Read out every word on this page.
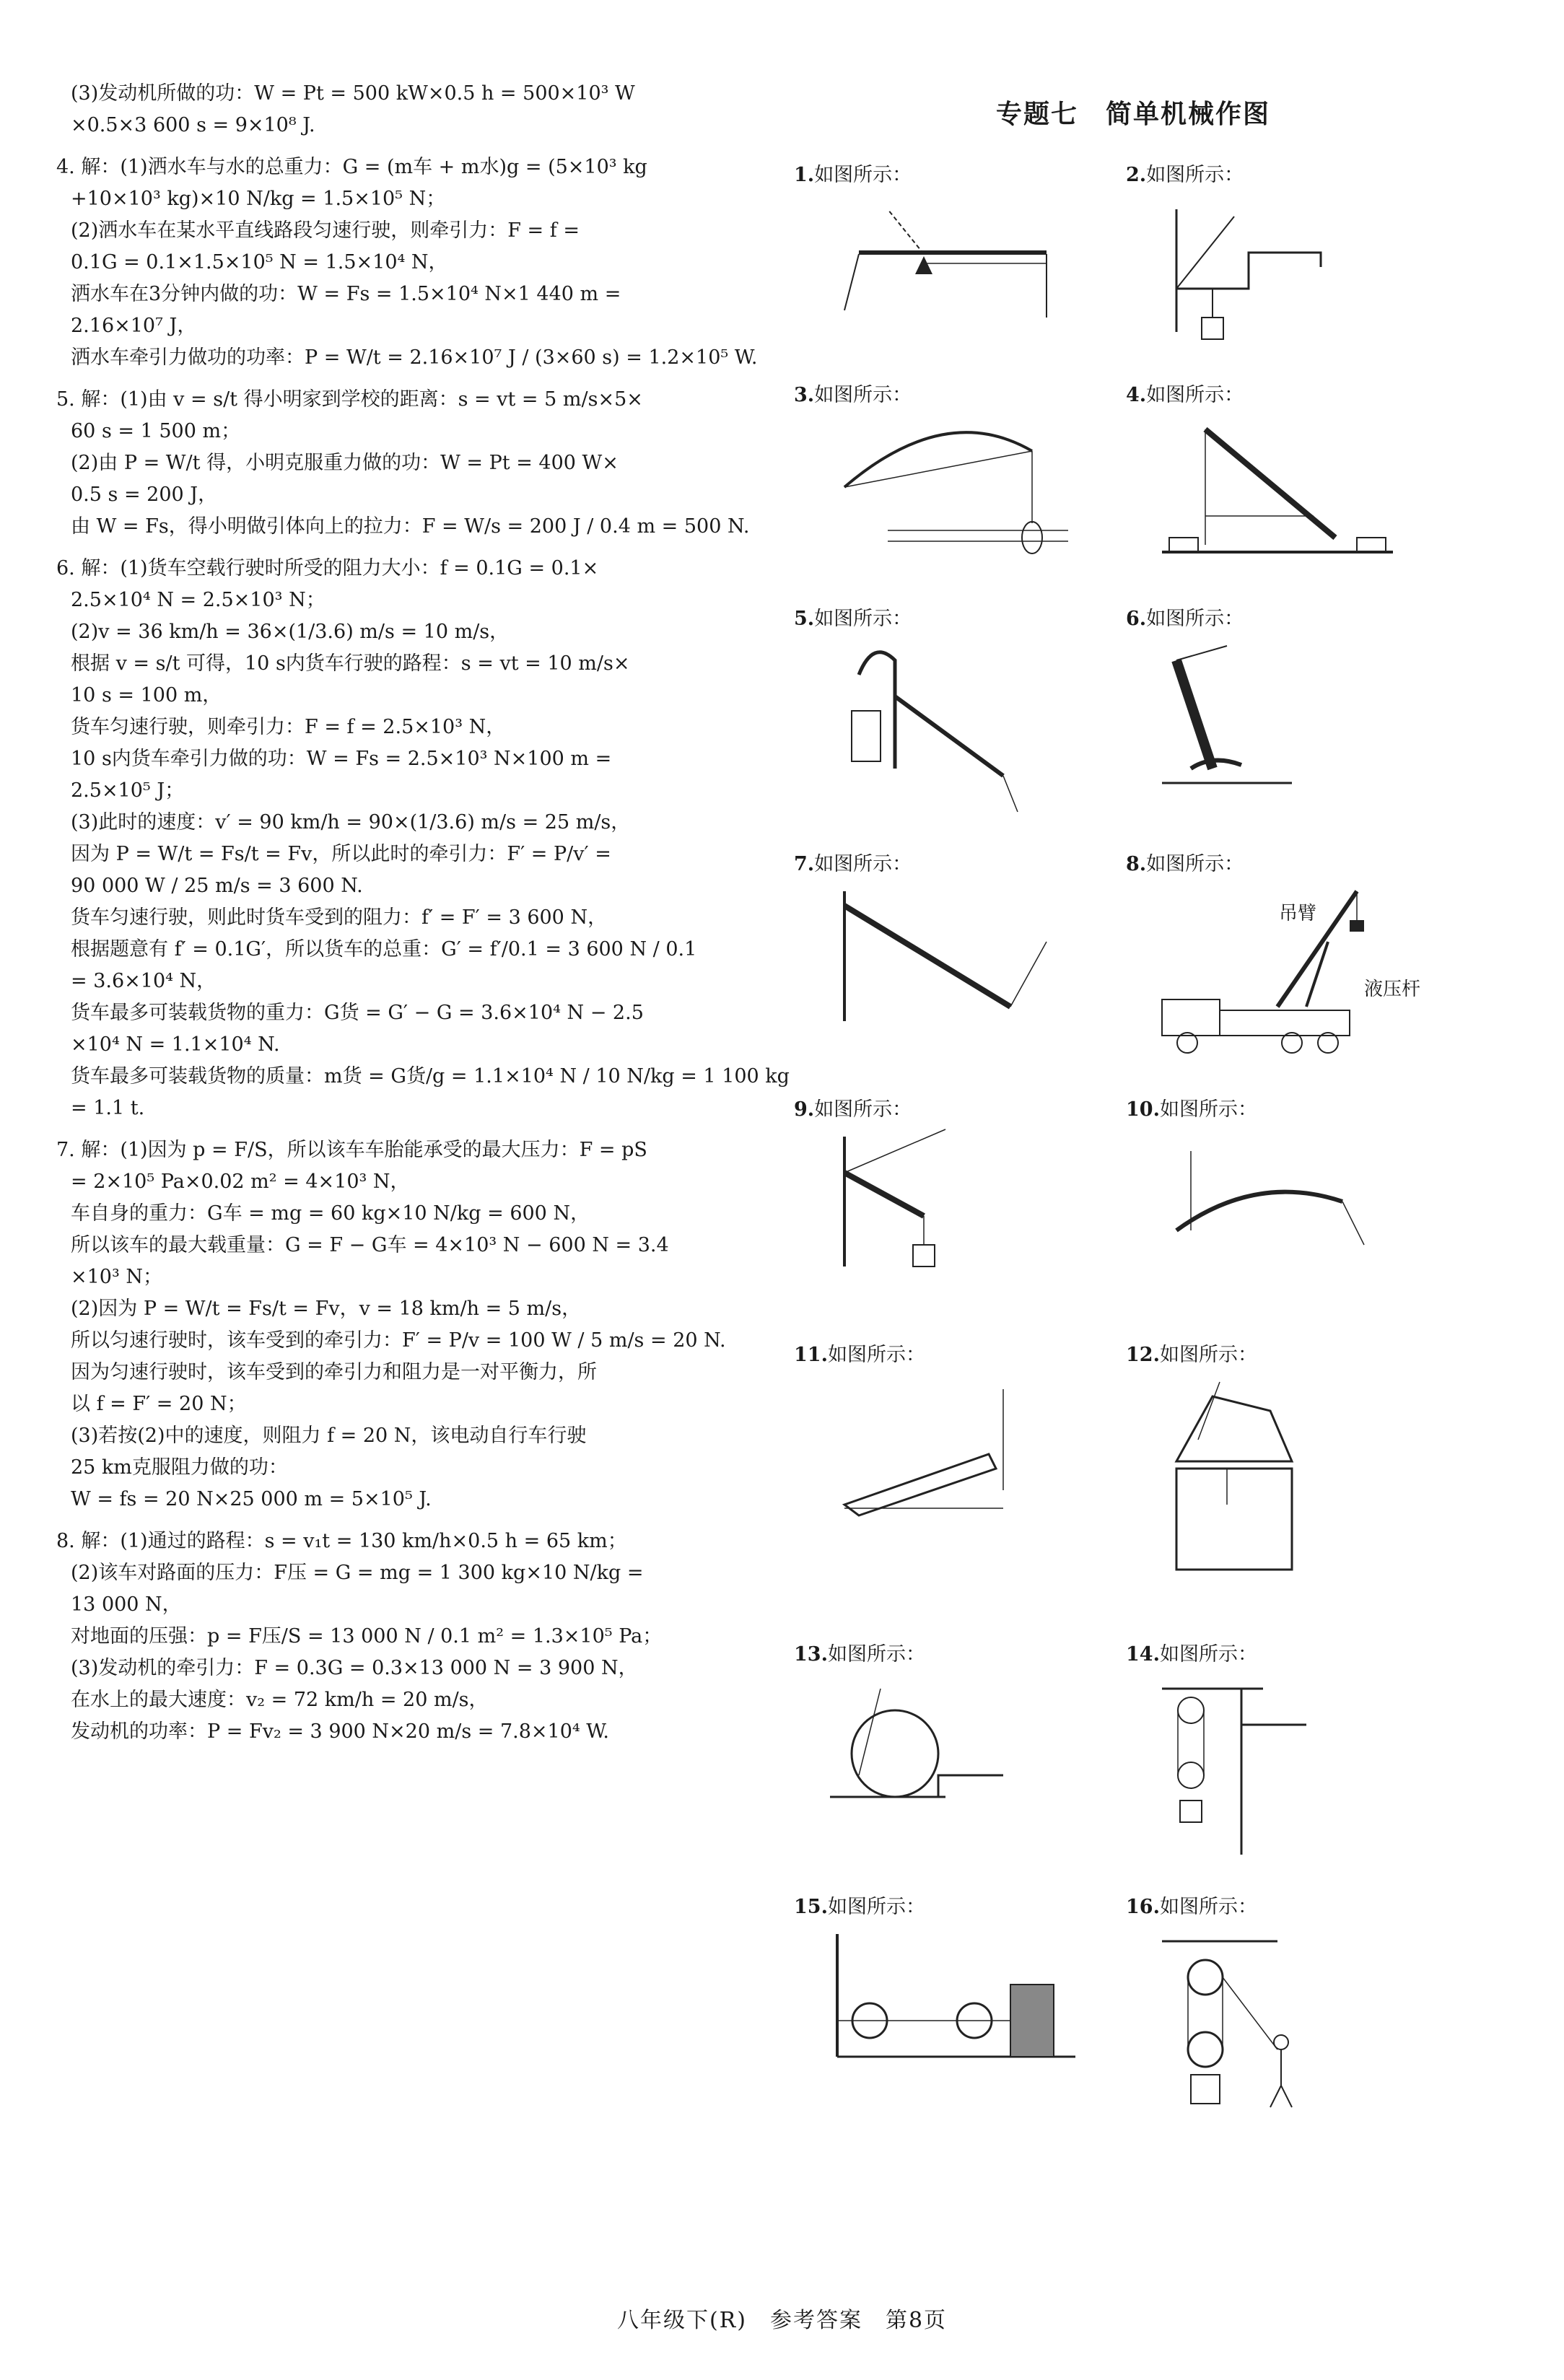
(3)发动机所做的功：W = Pt = 500 kW×0.5 h = 500×10³ W
×0.5×3 600 s = 9×10⁸ J.
4. 解：(1)洒水车与水的总重力：G = (m车 + m水)g = (5×10³ kg
+10×10³ kg)×10 N/kg = 1.5×10⁵ N；
(2)洒水车在某水平直线路段匀速行驶，则牵引力：F = f =
0.1G = 0.1×1.5×10⁵ N = 1.5×10⁴ N，
洒水车在3分钟内做的功：W = Fs = 1.5×10⁴ N×1 440 m =
2.16×10⁷ J，
洒水车牵引力做功的功率：P = W/t = 2.16×10⁷ J / (3×60 s) = 1.2×10⁵ W.
5. 解：(1)由 v = s/t 得小明家到学校的距离：s = vt = 5 m/s×5×
60 s = 1 500 m；
(2)由 P = W/t 得，小明克服重力做的功：W = Pt = 400 W×
0.5 s = 200 J，
由 W = Fs，得小明做引体向上的拉力：F = W/s = 200 J / 0.4 m = 500 N.
6. 解：(1)货车空载行驶时所受的阻力大小：f = 0.1G = 0.1×
2.5×10⁴ N = 2.5×10³ N；
(2)v = 36 km/h = 36×(1/3.6) m/s = 10 m/s，
根据 v = s/t 可得，10 s内货车行驶的路程：s = vt = 10 m/s×
10 s = 100 m，
货车匀速行驶，则牵引力：F = f = 2.5×10³ N，
10 s内货车牵引力做的功：W = Fs = 2.5×10³ N×100 m =
2.5×10⁵ J；
(3)此时的速度：v′ = 90 km/h = 90×(1/3.6) m/s = 25 m/s，
因为 P = W/t = Fs/t = Fv，所以此时的牵引力：F′ = P/v′ =
90 000 W / 25 m/s = 3 600 N.
货车匀速行驶，则此时货车受到的阻力：f′ = F′ = 3 600 N，
根据题意有 f′ = 0.1G′，所以货车的总重：G′ = f′/0.1 = 3 600 N / 0.1
= 3.6×10⁴ N，
货车最多可装载货物的重力：G货 = G′ − G = 3.6×10⁴ N − 2.5
×10⁴ N = 1.1×10⁴ N.
货车最多可装载货物的质量：m货 = G货/g = 1.1×10⁴ N / 10 N/kg = 1 100 kg
= 1.1 t.
7. 解：(1)因为 p = F/S，所以该车车胎能承受的最大压力：F = pS
= 2×10⁵ Pa×0.02 m² = 4×10³ N，
车自身的重力：G车 = mg = 60 kg×10 N/kg = 600 N，
所以该车的最大载重量：G = F − G车 = 4×10³ N − 600 N = 3.4
×10³ N；
(2)因为 P = W/t = Fs/t = Fv，v = 18 km/h = 5 m/s，
所以匀速行驶时，该车受到的牵引力：F′ = P/v = 100 W / 5 m/s = 20 N.
因为匀速行驶时，该车受到的牵引力和阻力是一对平衡力，所
以 f = F′ = 20 N；
(3)若按(2)中的速度，则阻力 f = 20 N，该电动自行车行驶
25 km克服阻力做的功：
W = fs = 20 N×25 000 m = 5×10⁵ J.
8. 解：(1)通过的路程：s = v₁t = 130 km/h×0.5 h = 65 km；
(2)该车对路面的压力：F压 = G = mg = 1 300 kg×10 N/kg =
13 000 N，
对地面的压强：p = F压/S = 13 000 N / 0.1 m² = 1.3×10⁵ Pa；
(3)发动机的牵引力：F = 0.3G = 0.3×13 000 N = 3 900 N，
在水上的最大速度：v₂ = 72 km/h = 20 m/s，
发动机的功率：P = Fv₂ = 3 900 N×20 m/s = 7.8×10⁴ W.
专题七　简单机械作图
1.如图所示：	2.如图所示：
3.如图所示：	4.如图所示：
5.如图所示：	6.如图所示：
7.如图所示：	8.如图所示：
吊臂
液压杆
9.如图所示：	10.如图所示：
11.如图所示：	12.如图所示：
13.如图所示：	14.如图所示：
15.如图所示：	16.如图所示：
八年级下(R)　参考答案　第8页
